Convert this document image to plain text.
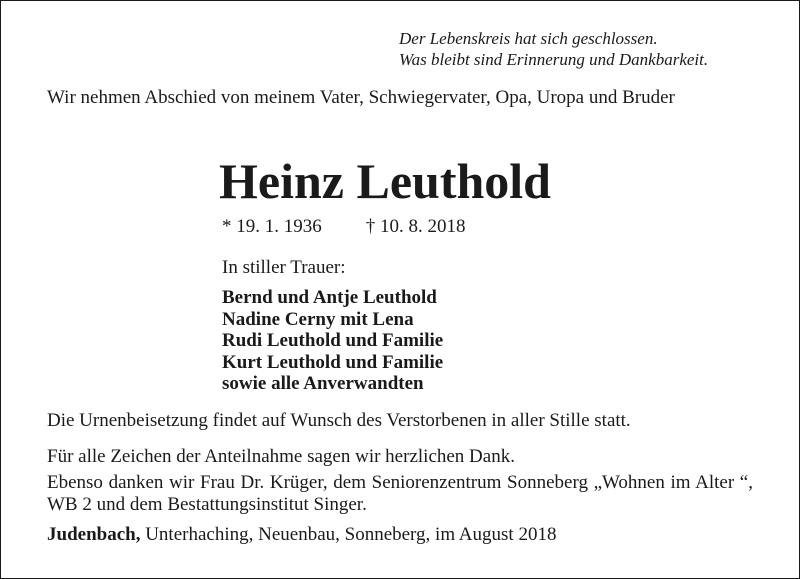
Der Lebenskreis hat sich geschlossen.
Was bleibt sind Erinnerung und Dankbarkeit.
Wir nehmen Abschied von meinem Vater, Schwiegervater, Opa, Uropa und Bruder
Heinz Leuthold
* 19. 1. 1936 † 10. 8. 2018
In stiller Trauer:
Bernd und Antje Leuthold
Nadine Cerny mit Lena
Rudi Leuthold und Familie
Kurt Leuthold und Familie
sowie alle Anverwandten
Die Urnenbeisetzung findet auf Wunsch des Verstorbenen in aller Stille statt.
Für alle Zeichen der Anteilnahme sagen wir herzlichen Dank.
Ebenso danken wir Frau Dr. Krüger, dem Seniorenzentrum Sonneberg „Wohnen im Alter “, WB 2 und dem Bestattungsinstitut Singer.
Judenbach, Unterhaching, Neuenbau, Sonneberg, im August 2018
